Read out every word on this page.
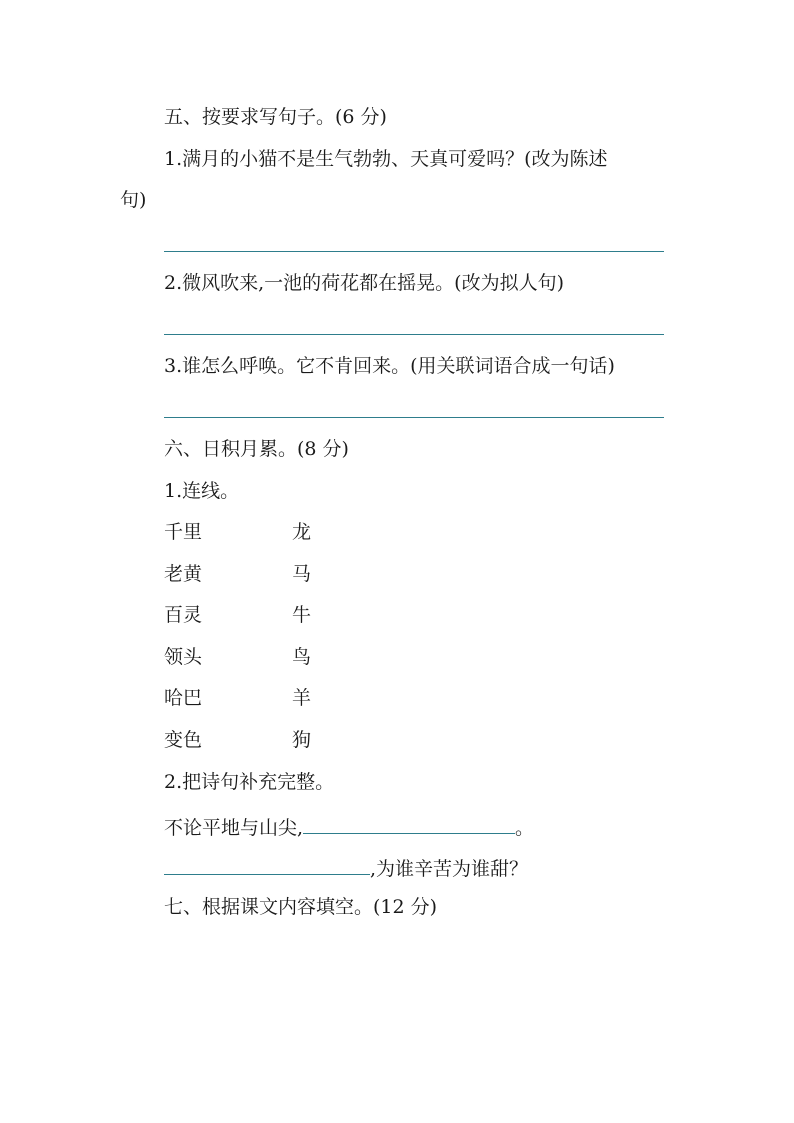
五、按要求写句子。(6 分)
1.满月的小猫不是生气勃勃、天真可爱吗？(改为陈述
句)
2.微风吹来,一池的荷花都在摇晃。(改为拟人句)
3.谁怎么呼唤。它不肯回来。(用关联词语合成一句话)
六、日积月累。(8 分)
1.连线。
千里	龙
老黄	马
百灵	牛
领头	鸟
哈巴	羊
变色	狗
2.把诗句补充完整。
不论平地与山尖,	。
,为谁辛苦为谁甜？
七、根据课文内容填空。(12 分)
